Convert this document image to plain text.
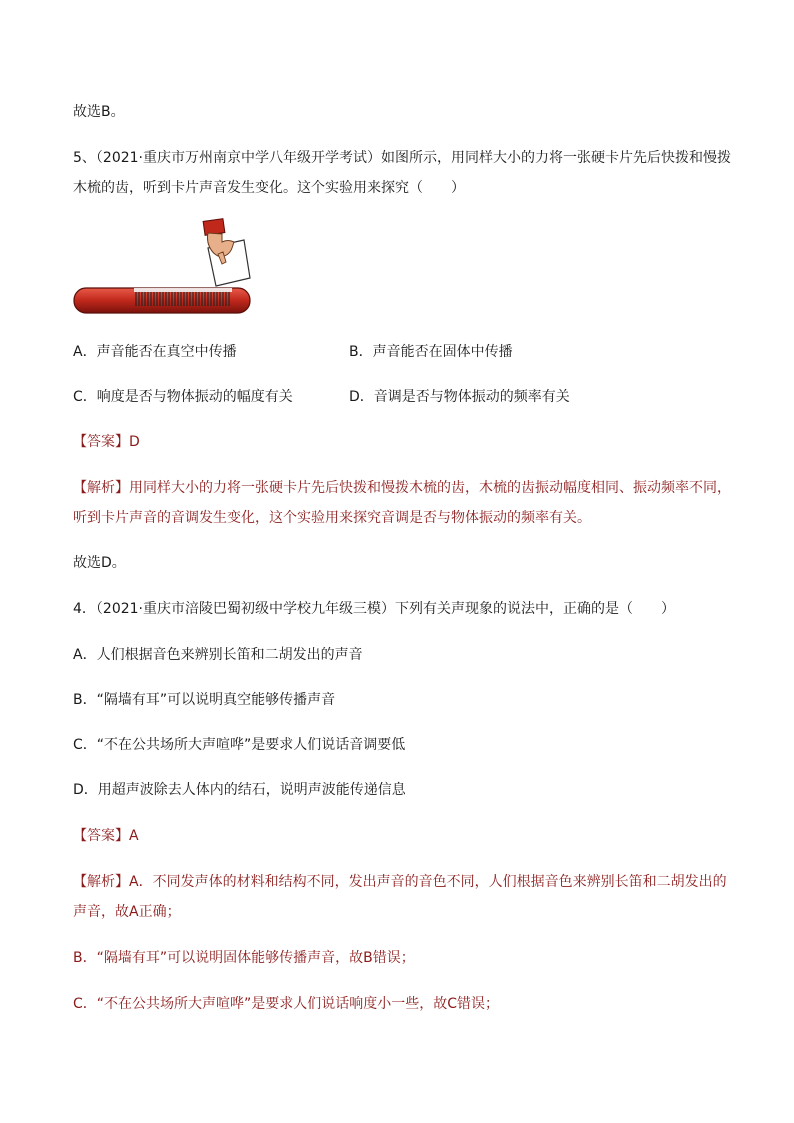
故选B。
5、（2021·重庆市万州南京中学八年级开学考试）如图所示，用同样大小的力将一张硬卡片先后快拨和慢拨
木梳的齿，听到卡片声音发生变化。这个实验用来探究（　　）
A．声音能否在真空中传播	B．声音能否在固体中传播
C．响度是否与物体振动的幅度有关	D．音调是否与物体振动的频率有关
【答案】D
【解析】用同样大小的力将一张硬卡片先后快拨和慢拨木梳的齿，木梳的齿振动幅度相同、振动频率不同，
听到卡片声音的音调发生变化，这个实验用来探究音调是否与物体振动的频率有关。
故选D。
4．（2021·重庆市涪陵巴蜀初级中学校九年级三模）下列有关声现象的说法中，正确的是（　　）
A．人们根据音色来辨别长笛和二胡发出的声音
B．“隔墙有耳”可以说明真空能够传播声音
C．“不在公共场所大声喧哗”是要求人们说话音调要低
D．用超声波除去人体内的结石，说明声波能传递信息
【答案】A
【解析】A．不同发声体的材料和结构不同，发出声音的音色不同，人们根据音色来辨别长笛和二胡发出的
声音，故A正确；
B．“隔墙有耳”可以说明固体能够传播声音，故B错误；
C．“不在公共场所大声喧哗”是要求人们说话响度小一些，故C错误；
